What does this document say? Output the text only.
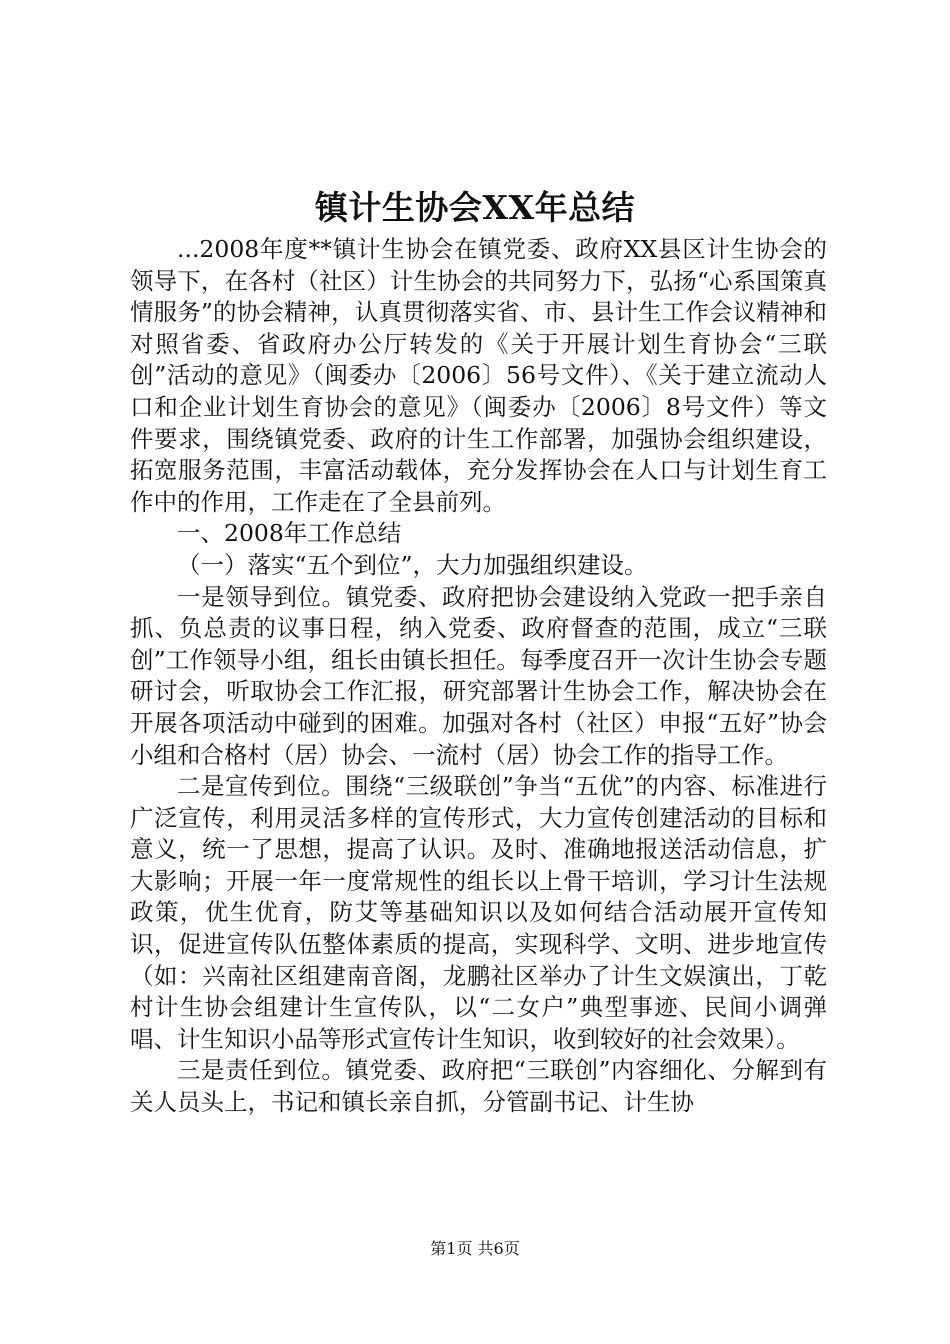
镇计生协会XX年总结

...2008年度**镇计生协会在镇党委、政府XX县区计生协会的领导下，在各村（社区）计生协会的共同努力下，弘扬“心系国策真情服务”的协会精神，认真贯彻落实省、市、县计生工作会议精神和对照省委、省政府办公厅转发的《关于开展计划生育协会“三联创”活动的意见》（闽委办〔2006〕56号文件）、《关于建立流动人口和企业计划生育协会的意见》（闽委办〔2006〕8号文件）等文件要求，围绕镇党委、政府的计生工作部署，加强协会组织建设，拓宽服务范围，丰富活动载体，充分发挥协会在人口与计划生育工作中的作用，工作走在了全县前列。

一、2008年工作总结

（一）落实“五个到位”，大力加强组织建设。

一是领导到位。镇党委、政府把协会建设纳入党政一把手亲自抓、负总责的议事日程，纳入党委、政府督查的范围，成立“三联创”工作领导小组，组长由镇长担任。每季度召开一次计生协会专题研讨会，听取协会工作汇报，研究部署计生协会工作，解决协会在开展各项活动中碰到的困难。加强对各村（社区）申报“五好”协会小组和合格村（居）协会、一流村（居）协会工作的指导工作。

二是宣传到位。围绕“三级联创”争当“五优”的内容、标准进行广泛宣传，利用灵活多样的宣传形式，大力宣传创建活动的目标和意义，统一了思想，提高了认识。及时、准确地报送活动信息，扩大影响；开展一年一度常规性的组长以上骨干培训，学习计生法规政策，优生优育，防艾等基础知识以及如何结合活动展开宣传知识，促进宣传队伍整体素质的提高，实现科学、文明、进步地宣传（如：兴南社区组建南音阁，龙鹏社区举办了计生文娱演出，丁乾村计生协会组建计生宣传队，以“二女户”典型事迹、民间小调弹唱、计生知识小品等形式宣传计生知识，收到较好的社会效果）。

三是责任到位。镇党委、政府把“三联创”内容细化、分解到有关人员头上，书记和镇长亲自抓，分管副书记、计生协

第1页 共6页
